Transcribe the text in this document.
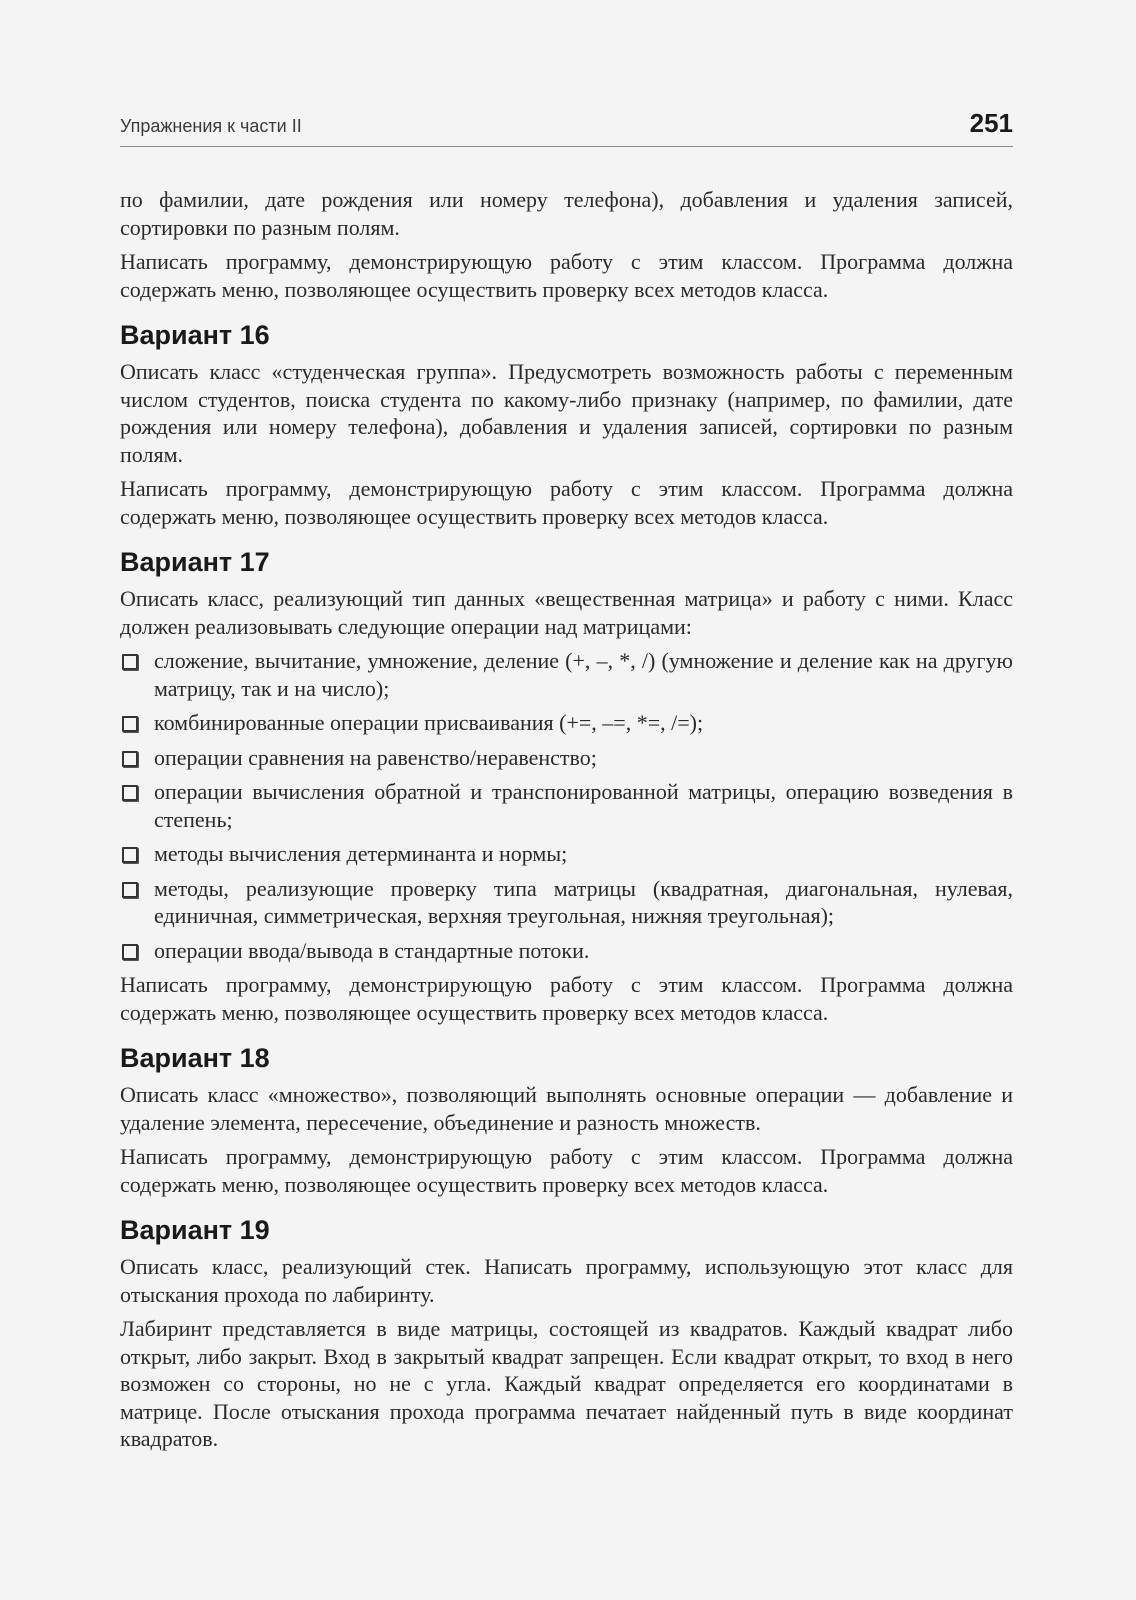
Упражнения к части II	251

по фамилии, дате рождения или номеру телефона), добавления и удаления записей, сортировки по разным полям.

Написать программу, демонстрирующую работу с этим классом. Программа должна содержать меню, позволяющее осуществить проверку всех методов класса.

Вариант 16

Описать класс «студенческая группа». Предусмотреть возможность работы с переменным числом студентов, поиска студента по какому-либо признаку (например, по фамилии, дате рождения или номеру телефона), добавления и удаления записей, сортировки по разным полям.

Написать программу, демонстрирующую работу с этим классом. Программа должна содержать меню, позволяющее осуществить проверку всех методов класса.

Вариант 17

Описать класс, реализующий тип данных «вещественная матрица» и работу с ними. Класс должен реализовывать следующие операции над матрицами:

сложение, вычитание, умножение, деление (+, –, *, /) (умножение и деление как на другую матрицу, так и на число);
комбинированные операции присваивания (+=, –=, *=, /=);
операции сравнения на равенство/неравенство;
операции вычисления обратной и транспонированной матрицы, операцию возведения в степень;
методы вычисления детерминанта и нормы;
методы, реализующие проверку типа матрицы (квадратная, диагональная, нулевая, единичная, симметрическая, верхняя треугольная, нижняя треугольная);
операции ввода/вывода в стандартные потоки.

Написать программу, демонстрирующую работу с этим классом. Программа должна содержать меню, позволяющее осуществить проверку всех методов класса.

Вариант 18

Описать класс «множество», позволяющий выполнять основные операции — добавление и удаление элемента, пересечение, объединение и разность множеств.

Написать программу, демонстрирующую работу с этим классом. Программа должна содержать меню, позволяющее осуществить проверку всех методов класса.

Вариант 19

Описать класс, реализующий стек. Написать программу, использующую этот класс для отыскания прохода по лабиринту.

Лабиринт представляется в виде матрицы, состоящей из квадратов. Каждый квадрат либо открыт, либо закрыт. Вход в закрытый квадрат запрещен. Если квадрат открыт, то вход в него возможен со стороны, но не с угла. Каждый квадрат определяется его координатами в матрице. После отыскания прохода программа печатает найденный путь в виде координат квадратов.
